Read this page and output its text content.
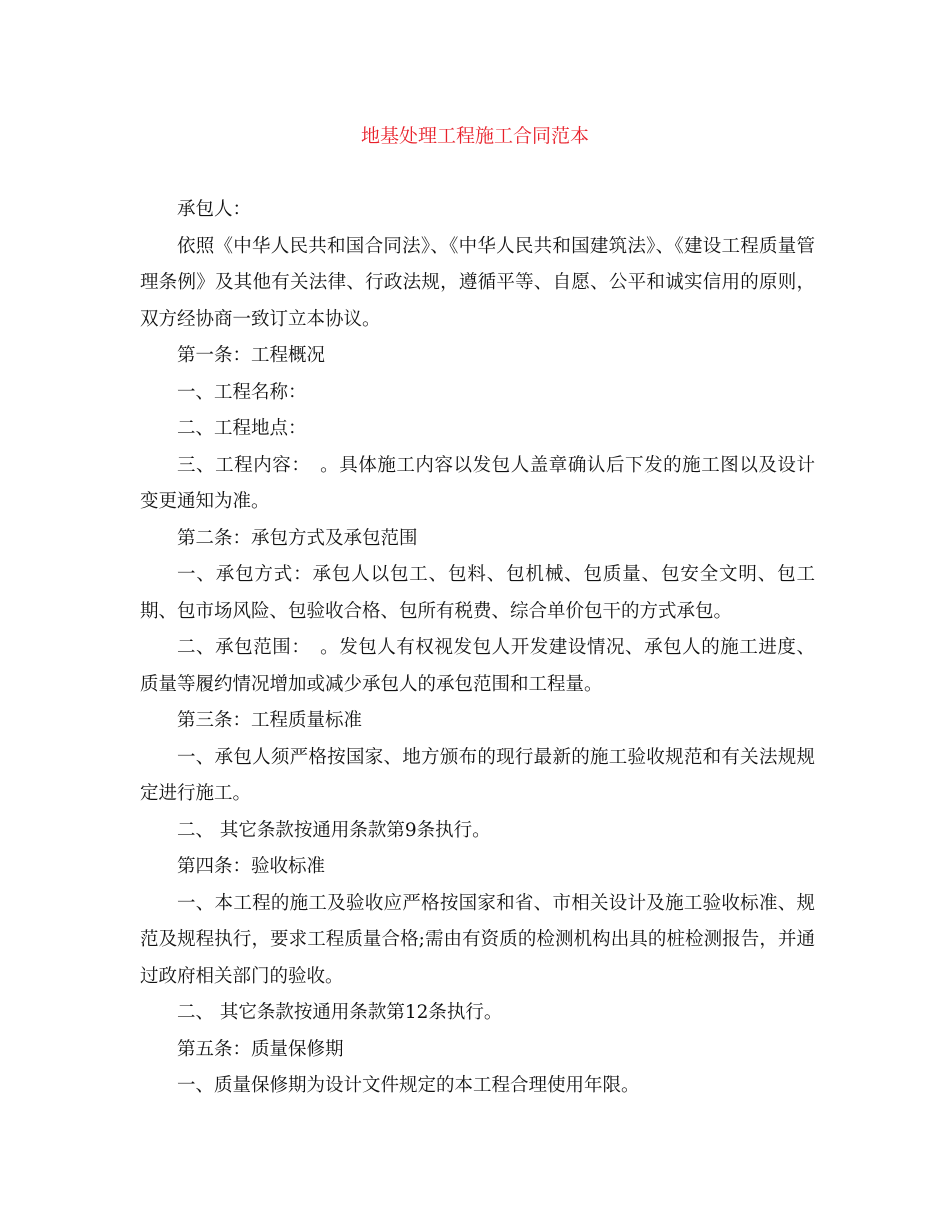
地基处理工程施工合同范本

承包人：

依照《中华人民共和国合同法》、《中华人民共和国建筑法》、《建设工程质量管理条例》及其他有关法律、行政法规，遵循平等、自愿、公平和诚实信用的原则，双方经协商一致订立本协议。

第一条：工程概况

一、工程名称：

二、工程地点：

三、工程内容：　。具体施工内容以发包人盖章确认后下发的施工图以及设计变更通知为准。

第二条：承包方式及承包范围

一、承包方式：承包人以包工、包料、包机械、包质量、包安全文明、包工期、包市场风险、包验收合格、包所有税费、综合单价包干的方式承包。

二、承包范围：　。发包人有权视发包人开发建设情况、承包人的施工进度、质量等履约情况增加或减少承包人的承包范围和工程量。

第三条：工程质量标准

一、承包人须严格按国家、地方颁布的现行最新的施工验收规范和有关法规规定进行施工。

二、 其它条款按通用条款第9条执行。

第四条：验收标准

一、本工程的施工及验收应严格按国家和省、市相关设计及施工验收标准、规范及规程执行，要求工程质量合格;需由有资质的检测机构出具的桩检测报告，并通过政府相关部门的验收。

二、 其它条款按通用条款第12条执行。

第五条：质量保修期

一、质量保修期为设计文件规定的本工程合理使用年限。
